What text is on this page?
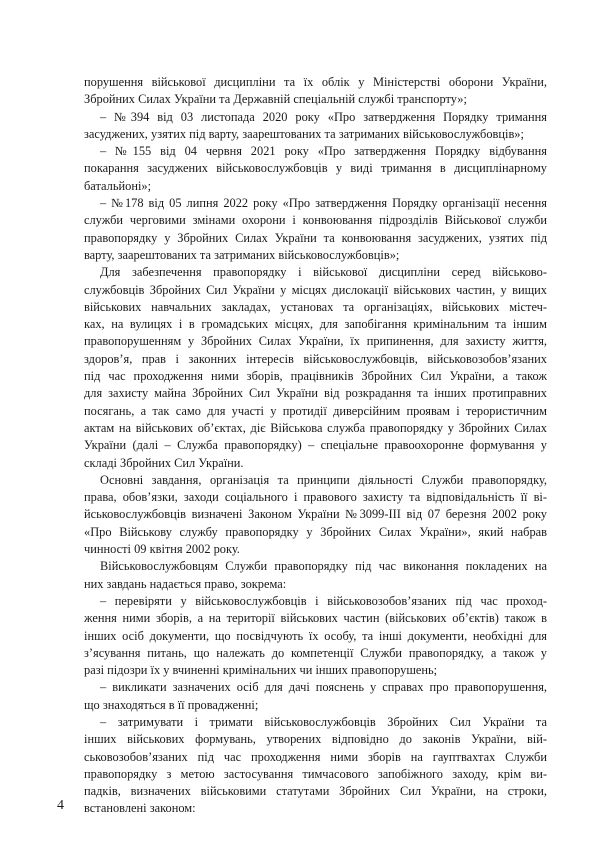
порушення військової дисципліни та їх облік у Міністерстві оборони України,
Збройних Силах України та Державній спеціальній службі транспорту»;
– №394 від 03 листопада 2020 року «Про затвердження Порядку тримання
засуджених, узятих під варту, заарештованих та затриманих військовослужбовців»;
– №155 від 04 червня 2021 року «Про затвердження Порядку відбування
покарання засуджених військовослужбовців у виді тримання в дисциплінарному
батальйоні»;
– №178 від 05 липня 2022 року «Про затвердження Порядку організації несення
служби черговими змінами охорони і конвоювання підрозділів Військової служби
правопорядку у Збройних Силах України та конвоювання засуджених, узятих під
варту, заарештованих та затриманих військовослужбовців»;
Для забезпечення правопорядку і військової дисципліни серед військово-
службовців Збройних Сил України у місцях дислокації військових частин, у вищих
військових навчальних закладах, установах та організаціях, військових містеч-
ках, на вулицях і в громадських місцях, для запобігання кримінальним та іншим
правопорушенням у Збройних Силах України, їх припинення, для захисту життя,
здоров’я, прав і законних інтересів військовослужбовців, військовозобов’язаних
під час проходження ними зборів, працівників Збройних Сил України, а також
для захисту майна Збройних Сил України від розкрадання та інших протиправних
посягань, а так само для участі у протидії диверсійним проявам і терористичним
актам на військових об’єктах, діє Військова служба правопорядку у Збройних Силах
України (далі – Служба правопорядку) – спеціальне правоохоронне формування у
складі Збройних Сил України.
Основні завдання, організація та принципи діяльності Служби правопорядку,
права, обов’язки, заходи соціального і правового захисту та відповідальність її ві-
йськовослужбовців визначені Законом України №3099-III від 07 березня 2002 року
«Про Військову службу правопорядку у Збройних Силах України», який набрав
чинності 09 квітня 2002 року.
Військовослужбовцям Служби правопорядку під час виконання покладених на
них завдань надається право, зокрема:
– перевіряти у військовослужбовців і військовозобов’язаних під час проход-
ження ними зборів, а на території військових частин (військових об’єктів) також в
інших осіб документи, що посвідчують їх особу, та інші документи, необхідні для
з’ясування питань, що належать до компетенції Служби правопорядку, а також у
разі підозри їх у вчиненні кримінальних чи інших правопорушень;
– викликати зазначених осіб для дачі пояснень у справах про правопорушення,
що знаходяться в її провадженні;
– затримувати і тримати військовослужбовців Збройних Сил України та
інших військових формувань, утворених відповідно до законів України, вій-
ськовозобов’язаних під час проходження ними зборів на гауптвахтах Служби
правопорядку з метою застосування тимчасового запобіжного заходу, крім ви-
падків, визначених військовими статутами Збройних Сил України, на строки,
встановлені законом:
4
